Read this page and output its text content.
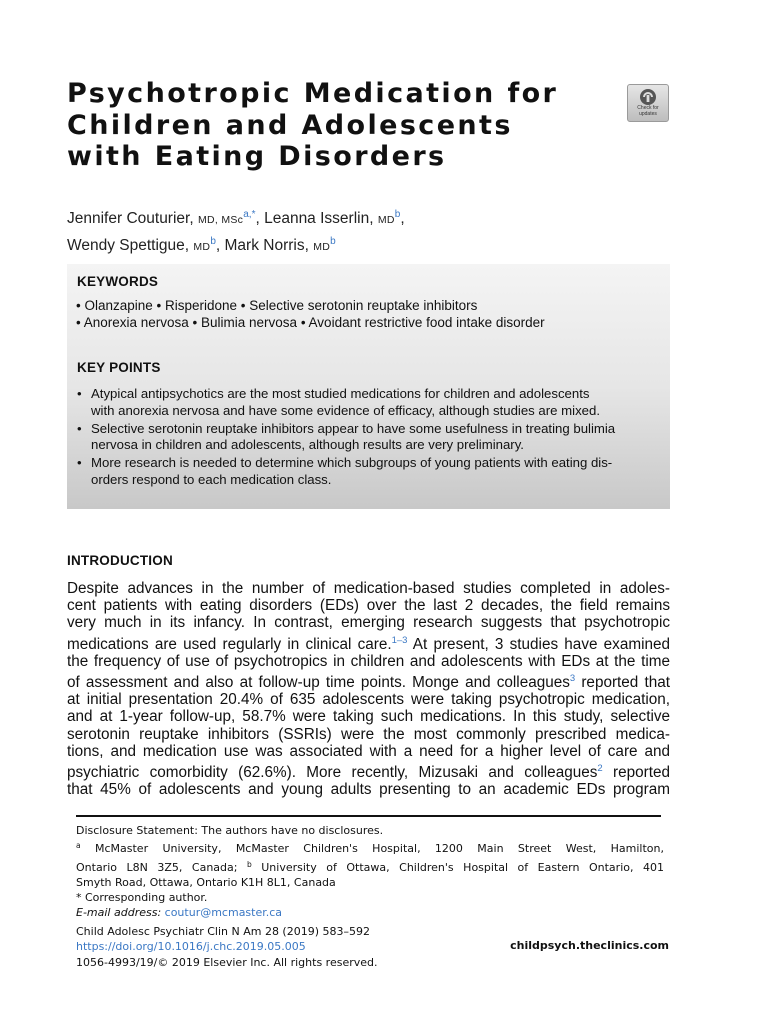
Psychotropic Medication for
Children and Adolescents
with Eating Disorders
Check for
updates
Jennifer Couturier, MD, MSc$^{a,*}$, Leanna Isserlin, MD$^b$,
Wendy Spettigue, MD$^b$, Mark Norris, MD$^b$
KEYWORDS
• Olanzapine • Risperidone • Selective serotonin reuptake inhibitors
• Anorexia nervosa • Bulimia nervosa • Avoidant restrictive food intake disorder
KEY POINTS
• Atypical antipsychotics are the most studied medications for children and adolescents
with anorexia nervosa and have some evidence of efficacy, although studies are mixed.
• Selective serotonin reuptake inhibitors appear to have some usefulness in treating bulimia
nervosa in children and adolescents, although results are very preliminary.
• More research is needed to determine which subgroups of young patients with eating dis-
orders respond to each medication class.
INTRODUCTION
Despite advances in the number of medication-based studies completed in adoles-
cent patients with eating disorders (EDs) over the last 2 decades, the field remains
very much in its infancy. In contrast, emerging research suggests that psychotropic
medications are used regularly in clinical care.$^{1-3}$ At present, 3 studies have examined
the frequency of use of psychotropics in children and adolescents with EDs at the time
of assessment and also at follow-up time points. Monge and colleagues$^3$ reported that
at initial presentation 20.4% of 635 adolescents were taking psychotropic medication,
and at 1-year follow-up, 58.7% were taking such medications. In this study, selective
serotonin reuptake inhibitors (SSRIs) were the most commonly prescribed medica-
tions, and medication use was associated with a need for a higher level of care and
psychiatric comorbidity (62.6%). More recently, Mizusaki and colleagues$^2$ reported
that 45% of adolescents and young adults presenting to an academic EDs program
Disclosure Statement: The authors have no disclosures.
$^a$ McMaster University, McMaster Children's Hospital, 1200 Main Street West, Hamilton,
Ontario L8N 3Z5, Canada; $^b$ University of Ottawa, Children's Hospital of Eastern Ontario, 401
Smyth Road, Ottawa, Ontario K1H 8L1, Canada
* Corresponding author.
E-mail address: coutur@mcmaster.ca
Child Adolesc Psychiatr Clin N Am 28 (2019) 583–592
https://doi.org/10.1016/j.chc.2019.05.005
1056-4993/19/© 2019 Elsevier Inc. All rights reserved.
childpsych.theclinics.com
